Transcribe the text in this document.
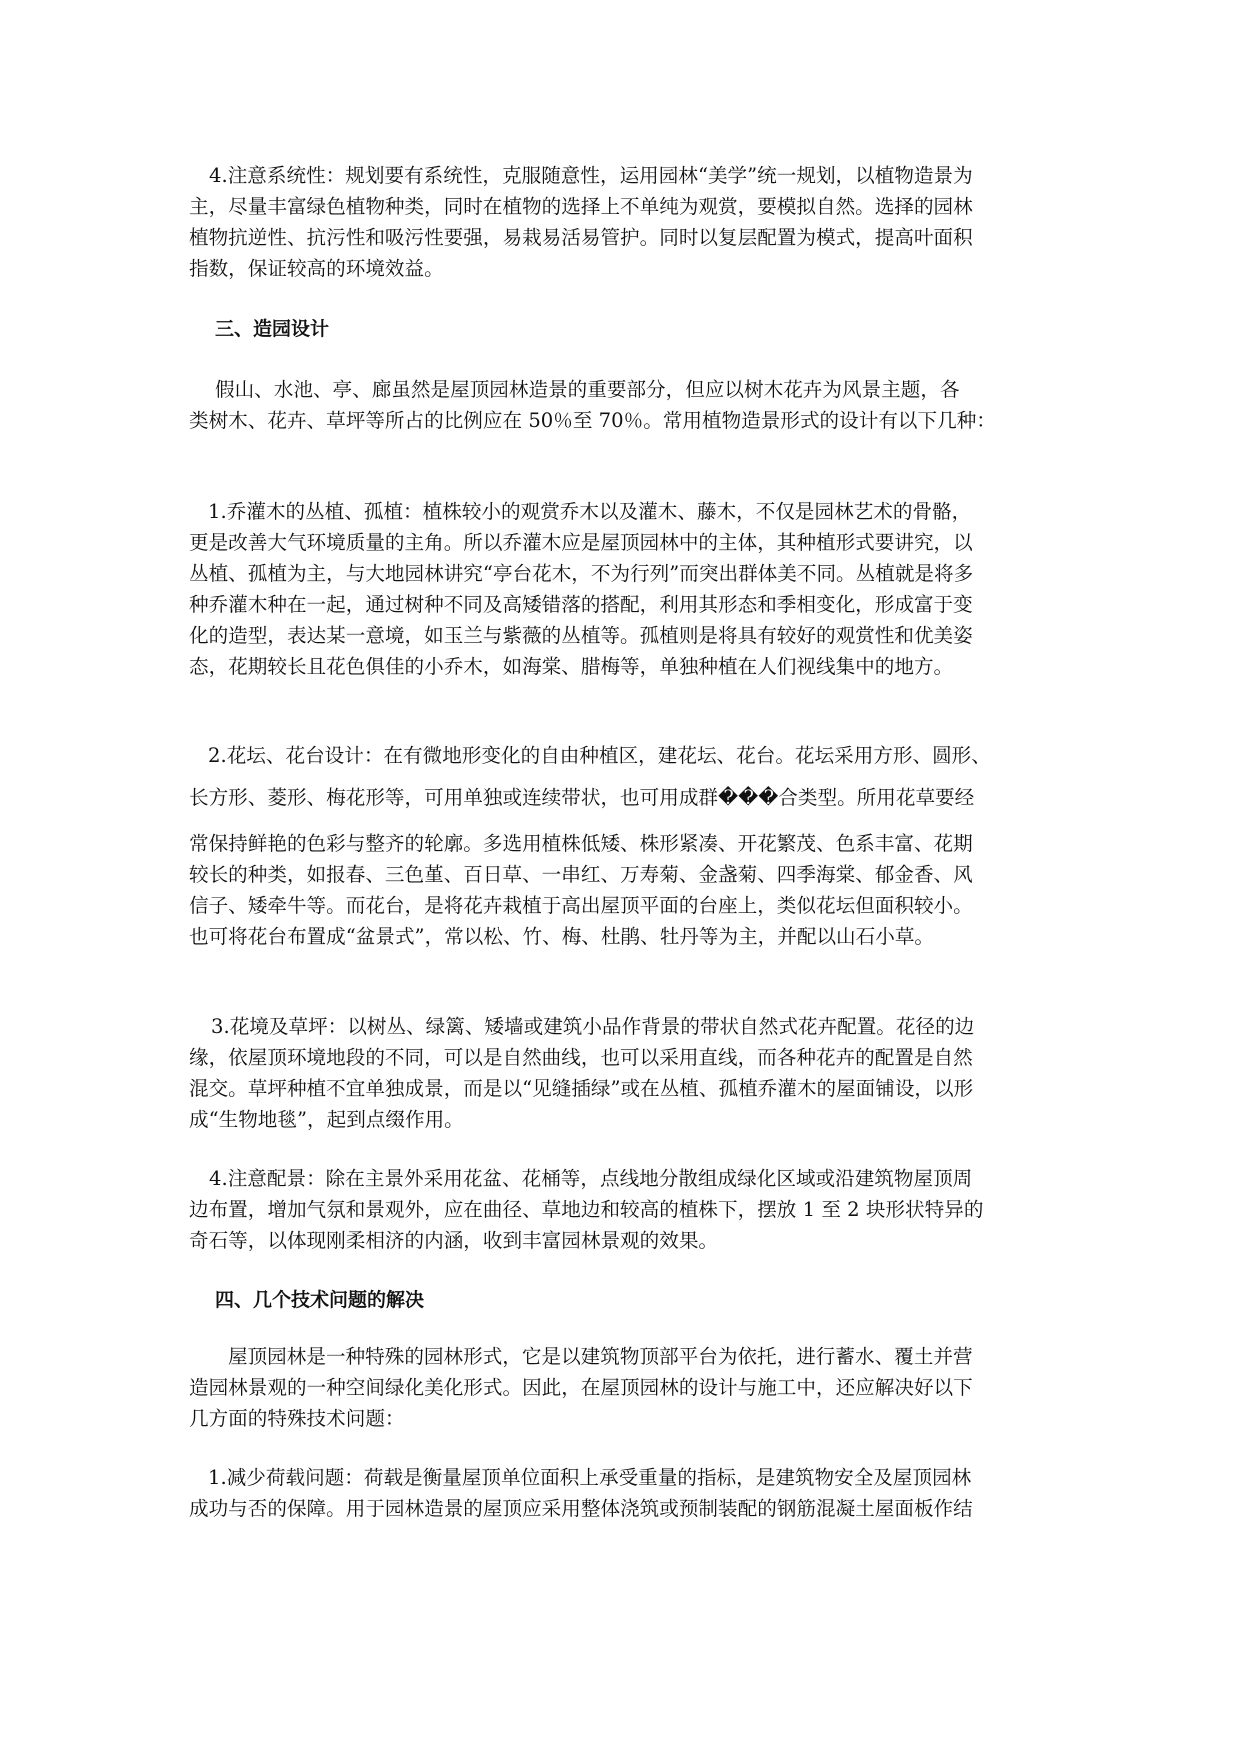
4.注意系统性：规划要有系统性，克服随意性，运用园林“美学”统一规划，以植物造景为
主，尽量丰富绿色植物种类，同时在植物的选择上不单纯为观赏，要模拟自然。选择的园林
植物抗逆性、抗污性和吸污性要强，易栽易活易管护。同时以复层配置为模式，提高叶面积
指数，保证较高的环境效益。
三、造园设计
假山、水池、亭、廊虽然是屋顶园林造景的重要部分，但应以树木花卉为风景主题，各
类树木、花卉、草坪等所占的比例应在 50％至 70％。常用植物造景形式的设计有以下几种：
1.乔灌木的丛植、孤植：植株较小的观赏乔木以及灌木、藤木，不仅是园林艺术的骨骼，
更是改善大气环境质量的主角。所以乔灌木应是屋顶园林中的主体，其种植形式要讲究，以
丛植、孤植为主，与大地园林讲究“亭台花木，不为行列”而突出群体美不同。丛植就是将多
种乔灌木种在一起，通过树种不同及高矮错落的搭配，利用其形态和季相变化，形成富于变
化的造型，表达某一意境，如玉兰与紫薇的丛植等。孤植则是将具有较好的观赏性和优美姿
态，花期较长且花色俱佳的小乔木，如海棠、腊梅等，单独种植在人们视线集中的地方。
2.花坛、花台设计：在有微地形变化的自由种植区，建花坛、花台。花坛采用方形、圆形、
长方形、菱形、梅花形等，可用单独或连续带状，也可用成群���合类型。所用花草要经
常保持鲜艳的色彩与整齐的轮廓。多选用植株低矮、株形紧凑、开花繁茂、色系丰富、花期
较长的种类，如报春、三色堇、百日草、一串红、万寿菊、金盏菊、四季海棠、郁金香、风
信子、矮牵牛等。而花台，是将花卉栽植于高出屋顶平面的台座上，类似花坛但面积较小。
也可将花台布置成“盆景式”，常以松、竹、梅、杜鹃、牡丹等为主，并配以山石小草。
3.花境及草坪：以树丛、绿篱、矮墙或建筑小品作背景的带状自然式花卉配置。花径的边
缘，依屋顶环境地段的不同，可以是自然曲线，也可以采用直线，而各种花卉的配置是自然
混交。草坪种植不宜单独成景，而是以“见缝插绿”或在丛植、孤植乔灌木的屋面铺设，以形
成“生物地毯”，起到点缀作用。
4.注意配景：除在主景外采用花盆、花桶等，点线地分散组成绿化区域或沿建筑物屋顶周
边布置，增加气氛和景观外，应在曲径、草地边和较高的植株下，摆放 1 至 2 块形状特异的
奇石等，以体现刚柔相济的内涵，收到丰富园林景观的效果。
四、几个技术问题的解决
屋顶园林是一种特殊的园林形式，它是以建筑物顶部平台为依托，进行蓄水、覆土并营
造园林景观的一种空间绿化美化形式。因此，在屋顶园林的设计与施工中，还应解决好以下
几方面的特殊技术问题：
1.减少荷载问题：荷载是衡量屋顶单位面积上承受重量的指标，是建筑物安全及屋顶园林
成功与否的保障。用于园林造景的屋顶应采用整体浇筑或预制装配的钢筋混凝土屋面板作结
